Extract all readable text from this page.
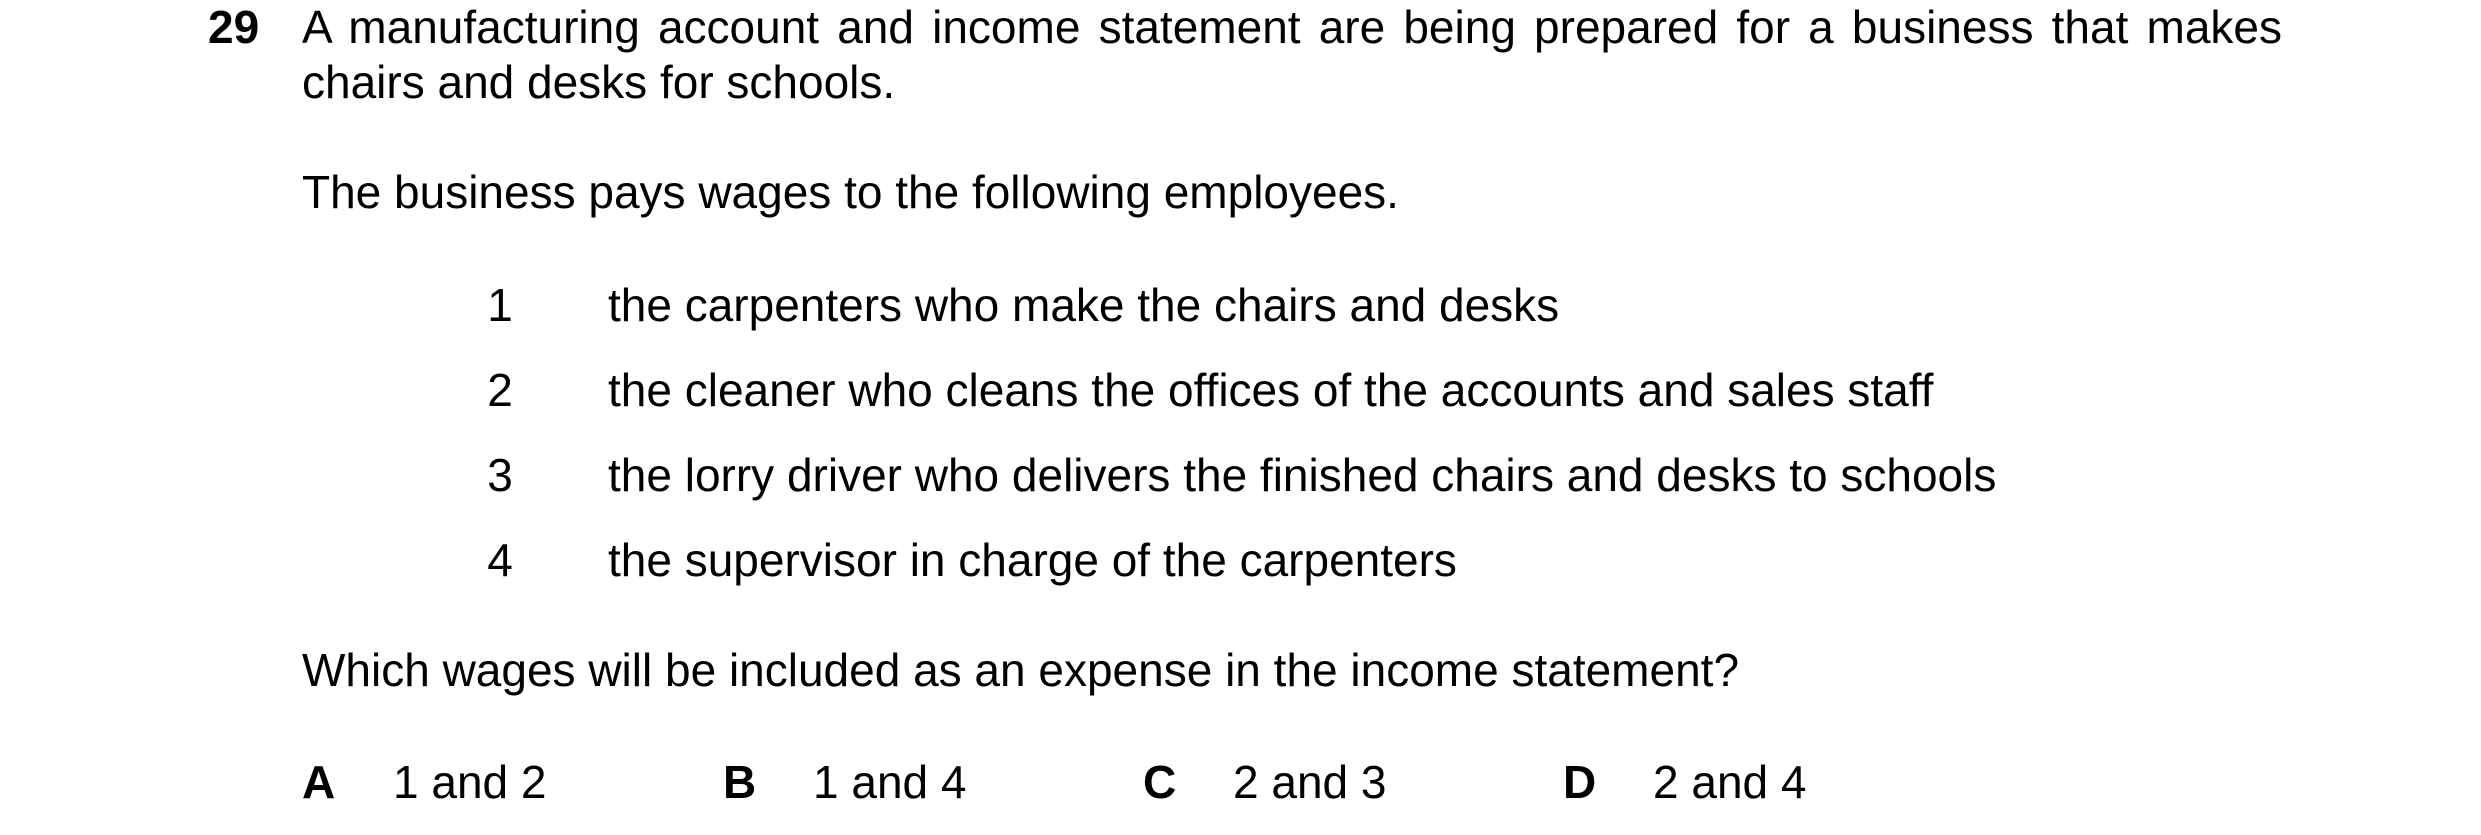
29 A manufacturing account and income statement are being prepared for a business that makes chairs and desks for schools.
The business pays wages to the following employees.
1 the carpenters who make the chairs and desks
2 the cleaner who cleans the offices of the accounts and sales staff
3 the lorry driver who delivers the finished chairs and desks to schools
4 the supervisor in charge of the carpenters
Which wages will be included as an expense in the income statement?
A 1 and 2	B 1 and 4	C 2 and 3	D 2 and 4
